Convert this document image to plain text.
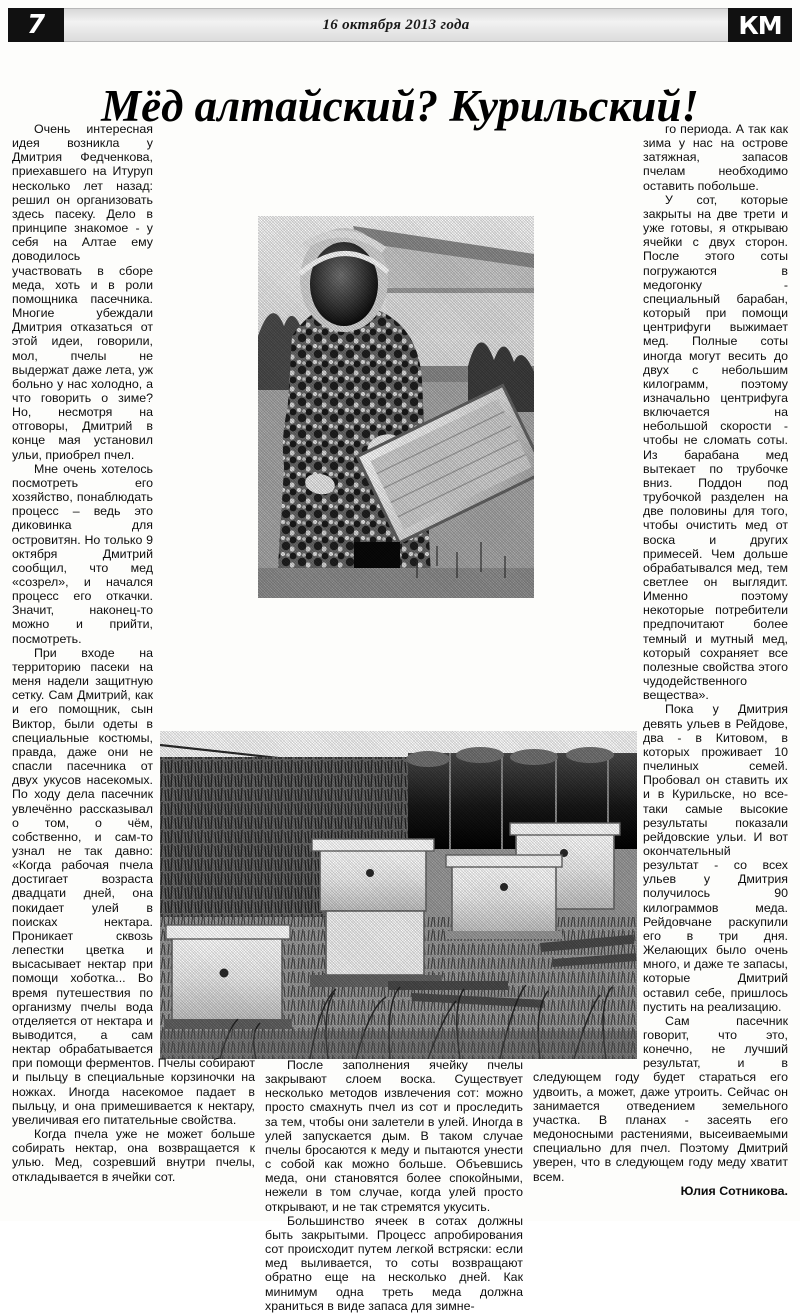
7	16 октября 2013 года	КМ
Мёд алтайский? Курильский!

Очень интересная идея возникла у Дмитрия Федченкова, приехавшего на Итуруп несколько лет назад: решил он организовать здесь пасеку. Дело в принципе знакомое - у себя на Алтае ему доводилось участвовать в сборе меда, хоть и в роли помощника пасечника. Многие убеждали Дмитрия отказаться от этой идеи, говорили, мол, пчелы не выдержат даже лета, уж больно у нас холодно, а что говорить о зиме? Но, несмотря на отговоры, Дмитрий в конце мая установил ульи, приобрел пчел.

Мне очень хотелось посмотреть его хозяйство, понаблюдать процесс – ведь это диковинка для островитян. Но только 9 октября Дмитрий сообщил, что мед «созрел», и начался процесс его откачки. Значит, наконец-то можно и прийти, посмотреть.

При входе на территорию пасеки на меня надели защитную сетку. Сам Дмитрий, как и его помощник, сын Виктор, были одеты в специальные костюмы, правда, даже они не спасли пасечника от двух укусов насекомых. По ходу дела пасечник увлечённо рассказывал о том, о чём, собственно, и сам-то узнал не так давно: «Когда рабочая пчела достигает возраста двадцати дней, она покидает улей в поисках нектара. Проникает сквозь лепестки цветка и высасывает нектар при помощи хоботка... Во время путешествия по организму пчелы вода отделяется от нектара и выводится, а сам нектар обрабатывается при помощи ферментов. Пчелы собирают и пыльцу в специальные корзиночки на ножках. Иногда насекомое падает в пыльцу, и она примешивается к нектару, увеличивая его питательные свойства.

Когда пчела уже не может больше собирать нектар, она возвращается к улью. Мед, созревший внутри пчелы, откладывается в ячейки сот.

После заполнения ячейку пчелы закрывают слоем воска. Существует несколько методов извлечения сот: можно просто смахнуть пчел из сот и проследить за тем, чтобы они залетели в улей. Иногда в улей запускается дым. В таком случае пчелы бросаются к меду и пытаются унести с собой как можно больше. Объевшись меда, они становятся более спокойными, нежели в том случае, когда улей просто открывают, и не так стремятся укусить.

Большинство ячеек в сотах должны быть закрытыми. Процесс апробирования сот происходит путем легкой встряски: если мед выливается, то соты возвращают обратно еще на несколько дней. Как минимум одна треть меда должна храниться в виде запаса для зимне-

го периода. А так как зима у нас на острове затяжная, запасов пчелам необходимо оставить побольше.

У сот, которые закрыты на две трети и уже готовы, я открываю ячейки с двух сторон. После этого соты погружаются в медогонку - специальный барабан, который при помощи центрифуги выжимает мед. Полные соты иногда могут весить до двух с небольшим килограмм, поэтому изначально центрифуга включается на небольшой скорости - чтобы не сломать соты. Из барабана мед вытекает по трубочке вниз. Поддон под трубочкой разделен на две половины для того, чтобы очистить мед от воска и других примесей. Чем дольше обрабатывался мед, тем светлее он выглядит. Именно поэтому некоторые потребители предпочитают более темный и мутный мед, который сохраняет все полезные свойства этого чудодейственного вещества».

Пока у Дмитрия девять ульев в Рейдове, два - в Китовом, в которых проживает 10 пчелиных семей. Пробовал он ставить их и в Курильске, но все-таки самые высокие результаты показали рейдовские ульи. И вот окончательный результат - со всех ульев у Дмитрия получилось 90 килограммов меда. Рейдовчане раскупили его в три дня. Желающих было очень много, и даже те запасы, которые Дмитрий оставил себе, пришлось пустить на реализацию.

Сам пасечник говорит, что это, конечно, не лучший результат, и в следующем году будет стараться его удвоить, а может, даже утроить. Сейчас он занимается отведением земельного участка. В планах - засеять его медоносными растениями, высеиваемыми специально для пчел. Поэтому Дмитрий уверен, что в следующем году меду хватит всем.

Юлия Сотникова.
